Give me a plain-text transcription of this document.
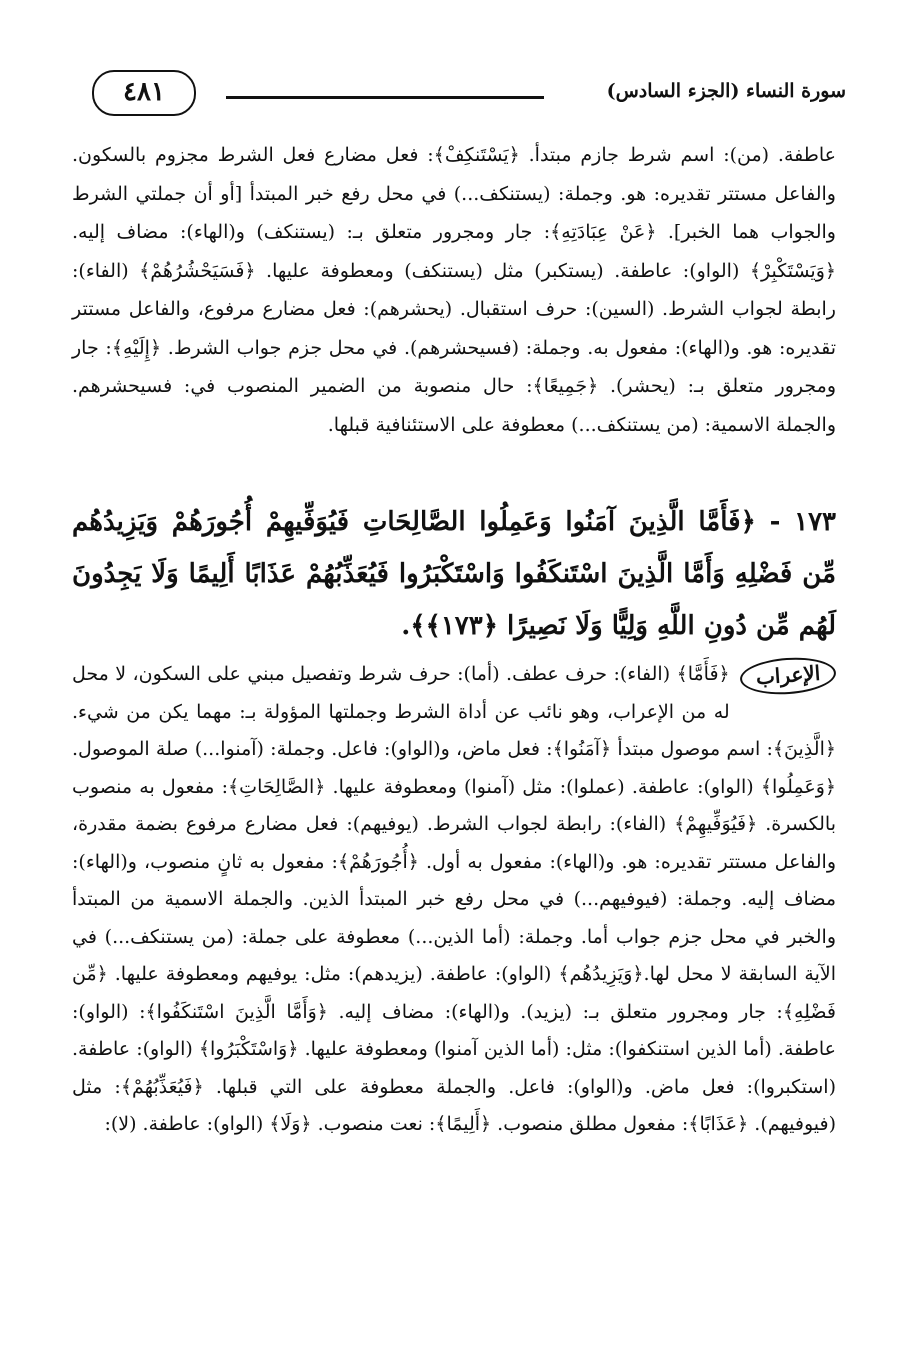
سورة النساء (الجزء السادس)
٤٨١

عاطفة. (من): اسم شرط جازم مبتدأ. ﴿يَسْتَنكِفْ﴾: فعل مضارع فعل الشرط مجزوم بالسكون. والفاعل مستتر تقديره: هو. وجملة: (يستنكف...) في محل رفع خبر المبتدأ [أو أن جملتي الشرط والجواب هما الخبر]. ﴿عَنْ عِبَادَتِهِ﴾: جار ومجرور متعلق بـ: (يستنكف) و(الهاء): مضاف إليه. ﴿وَيَسْتَكْبِرْ﴾ (الواو): عاطفة. (يستكبر) مثل (يستنكف) ومعطوفة عليها. ﴿فَسَيَحْشُرُهُمْ﴾ (الفاء): رابطة لجواب الشرط. (السين): حرف استقبال. (يحشرهم): فعل مضارع مرفوع، والفاعل مستتر تقديره: هو. و(الهاء): مفعول به. وجملة: (فسيحشرهم). في محل جزم جواب الشرط. ﴿إِلَيْهِ﴾: جار ومجرور متعلق بـ: (يحشر). ﴿جَمِيعًا﴾: حال منصوبة من الضمير المنصوب في: فسيحشرهم. والجملة الاسمية: (من يستنكف...) معطوفة على الاستئنافية قبلها.

١٧٣ - ﴿فَأَمَّا الَّذِينَ آمَنُوا وَعَمِلُوا الصَّالِحَاتِ فَيُوَفِّيهِمْ أُجُورَهُمْ وَيَزِيدُهُم مِّن فَضْلِهِ وَأَمَّا الَّذِينَ اسْتَنكَفُوا وَاسْتَكْبَرُوا فَيُعَذِّبُهُمْ عَذَابًا أَلِيمًا وَلَا يَجِدُونَ لَهُم مِّن دُونِ اللَّهِ وَلِيًّا وَلَا نَصِيرًا ﴿١٧٣﴾﴾.
الإعراب

﴿فَأَمَّا﴾ (الفاء): حرف عطف. (أما): حرف شرط وتفصيل مبني على السكون، لا محل له من الإعراب، وهو نائب عن أداة الشرط وجملتها المؤولة بـ: مهما يكن من شيء. ﴿الَّذِينَ﴾: اسم موصول مبتدأ ﴿آمَنُوا﴾: فعل ماض، و(الواو): فاعل. وجملة: (آمنوا...) صلة الموصول. ﴿وَعَمِلُوا﴾ (الواو): عاطفة. (عملوا): مثل (آمنوا) ومعطوفة عليها. ﴿الصَّالِحَاتِ﴾: مفعول به منصوب بالكسرة. ﴿فَيُوَفِّيهِمْ﴾ (الفاء): رابطة لجواب الشرط. (يوفيهم): فعل مضارع مرفوع بضمة مقدرة، والفاعل مستتر تقديره: هو. و(الهاء): مفعول به أول. ﴿أُجُورَهُمْ﴾: مفعول به ثانٍ منصوب، و(الهاء): مضاف إليه. وجملة: (فيوفيهم...) في محل رفع خبر المبتدأ الذين. والجملة الاسمية من المبتدأ والخبر في محل جزم جواب أما. وجملة: (أما الذين...) معطوفة على جملة: (من يستنكف...) في الآية السابقة لا محل لها.﴿وَيَزِيدُهُم﴾ (الواو): عاطفة. (يزيدهم): مثل: يوفيهم ومعطوفة عليها. ﴿مِّن فَضْلِهِ﴾: جار ومجرور متعلق بـ: (يزيد). و(الهاء): مضاف إليه. ﴿وَأَمَّا الَّذِينَ اسْتَنكَفُوا﴾: (الواو): عاطفة. (أما الذين استنكفوا): مثل: (أما الذين آمنوا) ومعطوفة عليها. ﴿وَاسْتَكْبَرُوا﴾ (الواو): عاطفة. (استكبروا): فعل ماض. و(الواو): فاعل. والجملة معطوفة على التي قبلها. ﴿فَيُعَذِّبُهُمْ﴾: مثل (فيوفيهم). ﴿عَذَابًا﴾: مفعول مطلق منصوب. ﴿أَلِيمًا﴾: نعت منصوب. ﴿وَلَا﴾ (الواو): عاطفة. (لا):
